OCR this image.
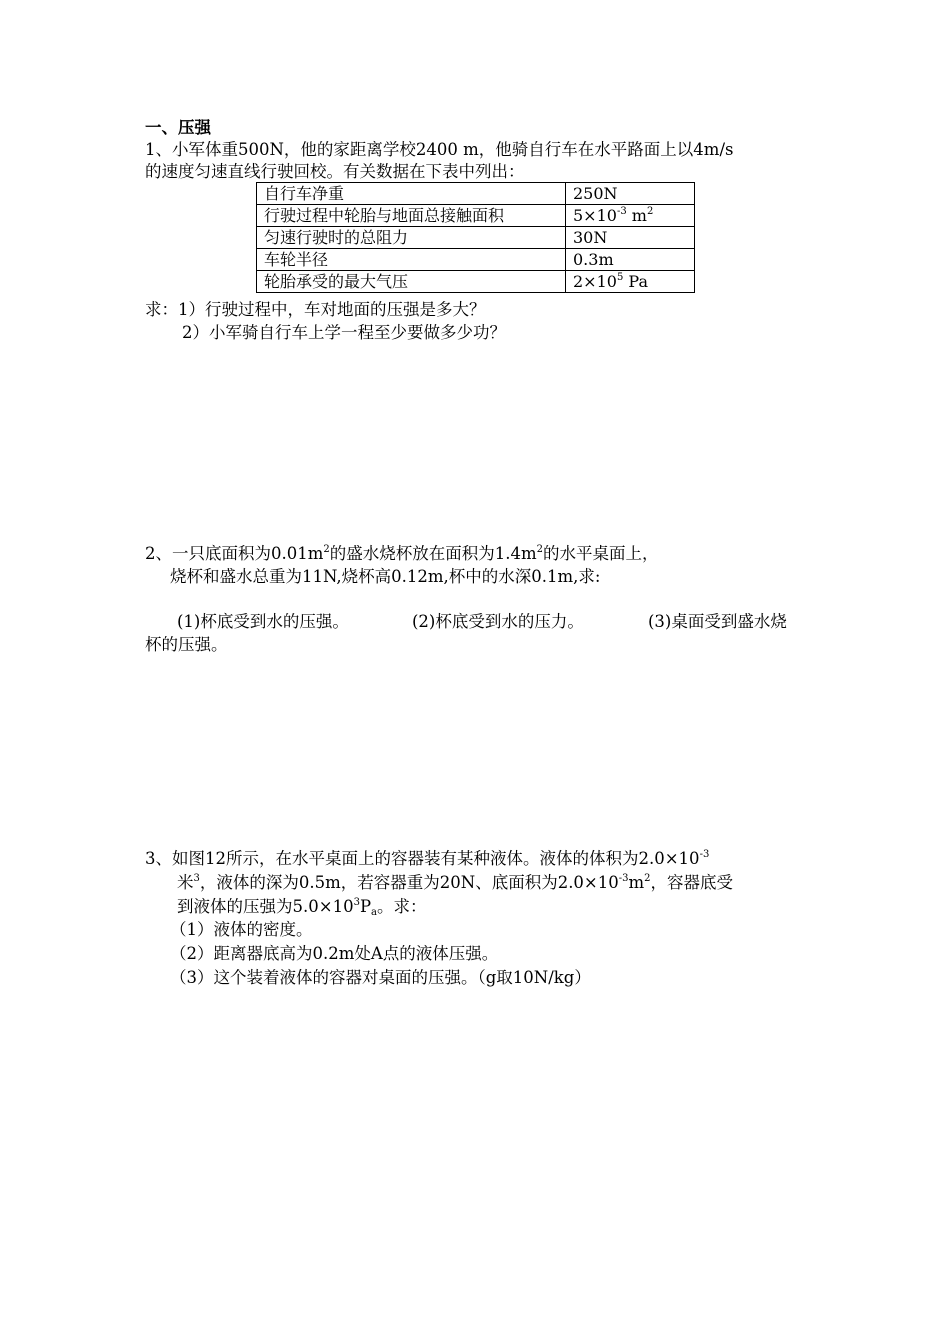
一、压强
1、小军体重500N，他的家距离学校2400 m，他骑自行车在水平路面上以4m/s
的速度匀速直线行驶回校。有关数据在下表中列出：
自行车净重	250N
行驶过程中轮胎与地面总接触面积	$5\times 10^{-3}$ $m^2$
匀速行驶时的总阻力	30N
车轮半径	0.3m
轮胎承受的最大气压	$2\times 10^5$ Pa
求：1）行驶过程中，车对地面的压强是多大？
2）小军骑自行车上学一程至少要做多少功？
2、一只底面积为$0.01m^2$的盛水烧杯放在面积为$1.4m^2$的水平桌面上，
烧杯和盛水总重为11N,烧杯高0.12m,杯中的水深0.1m,求:
(1)杯底受到水的压强。	(2)杯底受到水的压力。	(3)桌面受到盛水烧
杯的压强。
3、如图12所示，在水平桌面上的容器装有某种液体。液体的体积为$2.0\times 10^{-3}$
米$^3$，液体的深为0.5m，若容器重为20N、底面积为$2.0\times 10^{-3}m^2$，容器底受
到液体的压强为$5.0\times 10^3P_a$。求：
（1）液体的密度。
（2）距离器底高为0.2m处A点的液体压强。
（3）这个装着液体的容器对桌面的压强。（g取10N/kg）
